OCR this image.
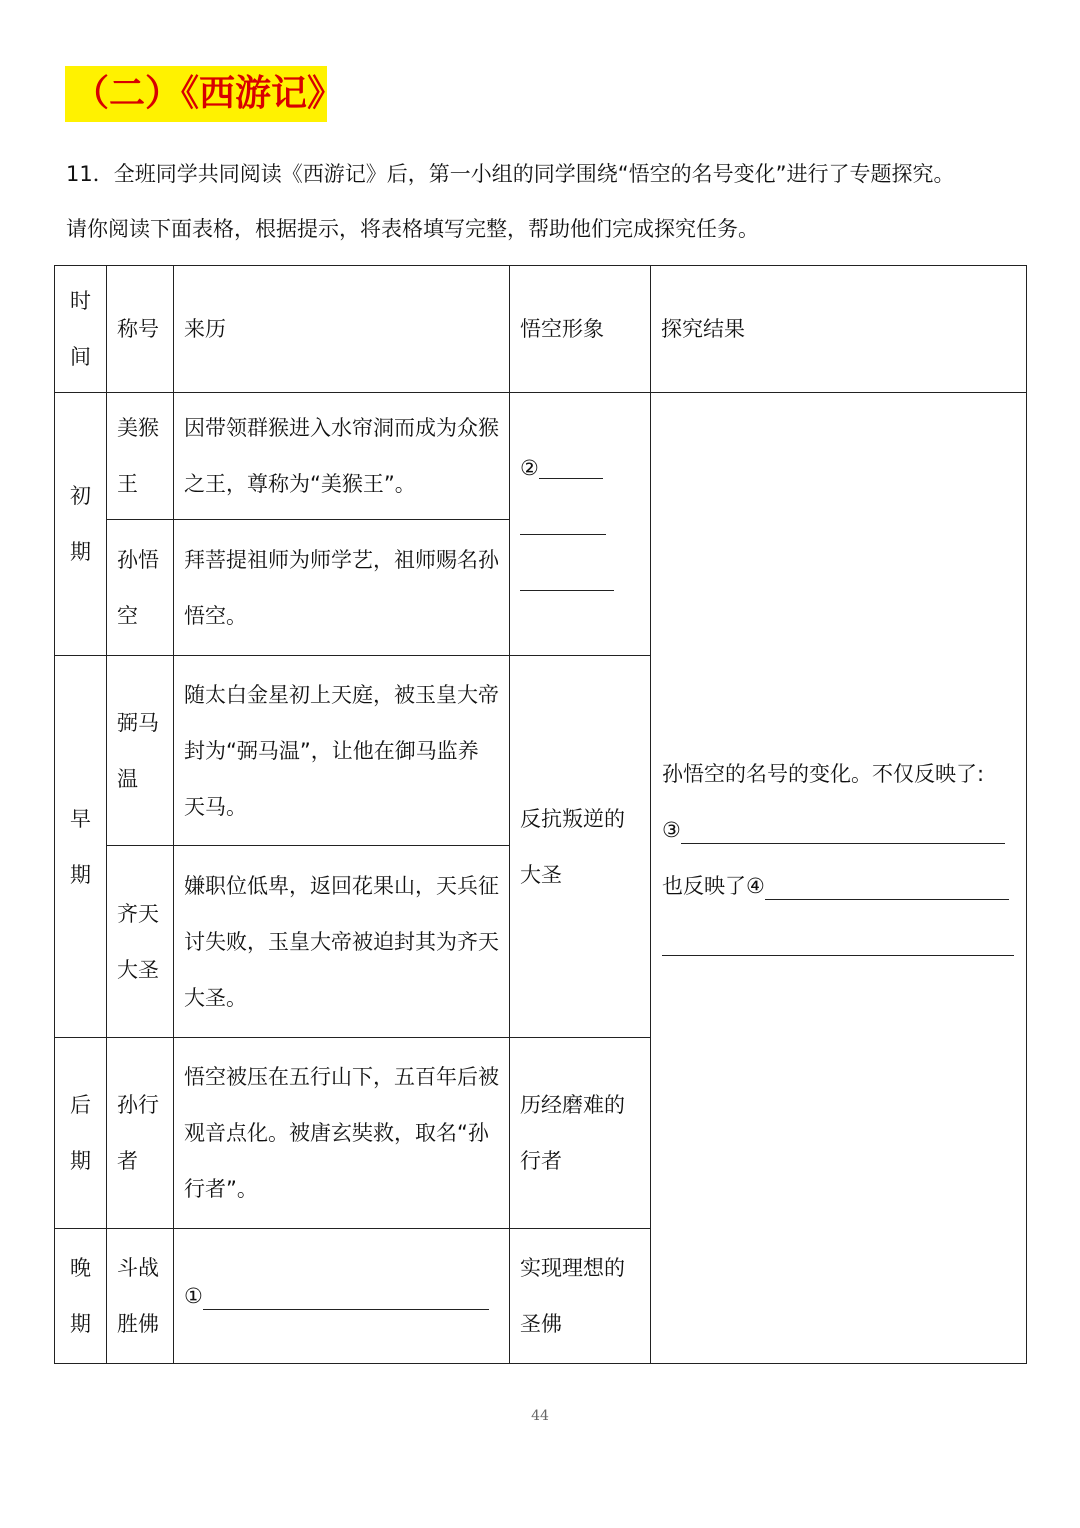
（二）《西游记》
11．全班同学共同阅读《西游记》后，第一小组的同学围绕“悟空的名号变化”进行了专题探究。
请你阅读下面表格，根据提示，将表格填写完整，帮助他们完成探究任务。
时间	称号	来历	悟空形象	探究结果

初期	美猴王	因带领群猴进入水帘洞而成为众猴之王，尊称为“美猴王”。	②	孙悟空的名号的变化。不仅反映了:
③
也反映了④

	孙悟空	拜菩提祖师为师学艺，祖师赐名孙悟空。		

早期	弼马温	随太白金星初上天庭，被玉皇大帝封为“弼马温”，让他在御马监养天马。	反抗叛逆的大圣	

	齐天大圣	嫌职位低卑，返回花果山，天兵征讨失败，玉皇大帝被迫封其为齐天大圣。		

后期	孙行者	悟空被压在五行山下，五百年后被观音点化。被唐玄奘救，取名“孙行者”。	历经磨难的行者	

晚期	斗战胜佛	①	实现理想的圣佛	
44
